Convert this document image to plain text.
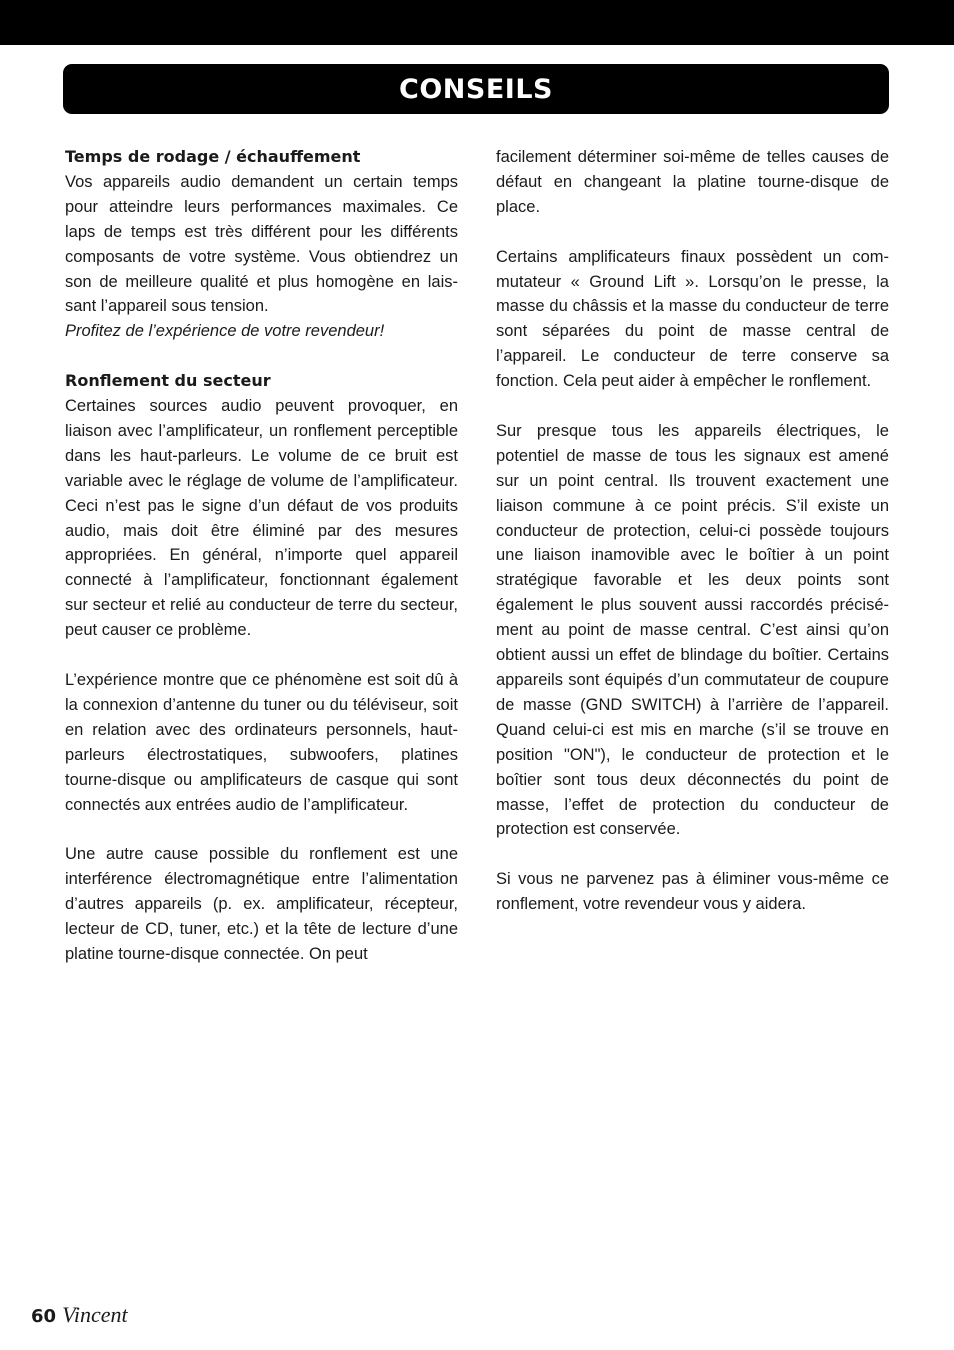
CONSEILS
Temps de rodage / échauffement

Vos appareils audio demandent un certain temps pour atteindre leurs performances maximales. Ce laps de temps est très différent pour les différents composants de votre système. Vous obtiendrez un son de meilleure qualité et plus homogène en laissant l’appareil sous tension.

Profitez de l’expérience de votre revendeur!
Ronflement du secteur

Certaines sources audio peuvent provoquer, en liaison avec l’amplificateur, un ronflement perceptible dans les haut-parleurs. Le volume de ce bruit est variable avec le réglage de volume de l’amplificateur. Ceci n’est pas le signe d’un défaut de vos produits audio, mais doit être éliminé par des mesures appropriées. En général, n’importe quel appareil connecté à l’amplificateur, fonctionnant également sur secteur et relié au conducteur de terre du secteur, peut causer ce problème.

L’expérience montre que ce phénomène est soit dû à la connexion d’antenne du tuner ou du téléviseur, soit en relation avec des ordinateurs personnels, haut-parleurs électrostatiques, subwoofers, platines tourne-disque ou amplificateurs de casque qui sont connectés aux entrées audio de l’amplificateur.

Une autre cause possible du ronflement est une interférence électromagnétique entre l’alimentation d’autres appareils (p. ex. amplificateur, récepteur, lecteur de CD, tuner, etc.) et la tête de lecture d’une platine tourne-disque connectée. On peut

facilement déterminer soi-même de telles causes de défaut en changeant la platine tourne-disque de place.

Certains amplificateurs finaux possèdent un commutateur « Ground Lift ». Lorsqu’on le presse, la masse du châssis et la masse du conducteur de terre sont séparées du point de masse central de l’appareil. Le conducteur de terre conserve sa fonction. Cela peut aider à empêcher le ronflement.

Sur presque tous les appareils électriques, le potentiel de masse de tous les signaux est amené sur un point central. Ils trouvent exactement une liaison commune à ce point précis. S’il existe un conducteur de protection, celui-ci possède toujours une liaison inamovible avec le boîtier à un point stratégique favorable et les deux points sont également le plus souvent aussi raccordés précisément au point de masse central. C’est ainsi qu’on obtient aussi un effet de blindage du boîtier. Certains appareils sont équipés d’un commutateur de coupure de masse (GND SWITCH) à l’arrière de l’appareil. Quand celui-ci est mis en marche (s’il se trouve en position "ON"), le conducteur de protection et le boîtier sont tous deux déconnectés du point de masse, l’effet de protection du conducteur de protection est conservée.

Si vous ne parvenez pas à éliminer vous-même ce ronflement, votre revendeur vous y aidera.

60 Vincent
